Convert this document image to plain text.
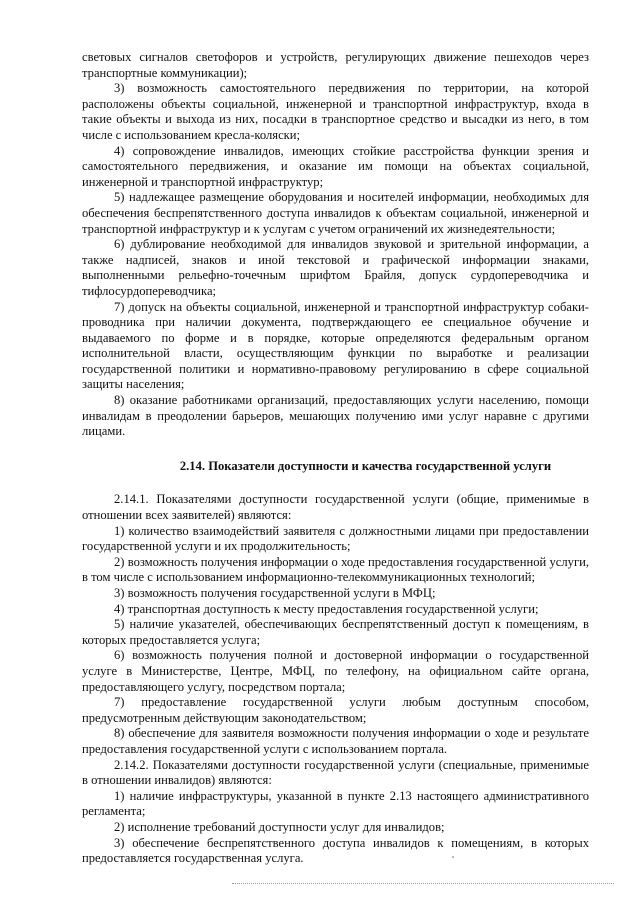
световых сигналов светофоров и устройств, регулирующих движение пешеходов через транспортные коммуникации);

3) возможность самостоятельного передвижения по территории, на которой расположены объекты социальной, инженерной и транспортной инфраструктур, входа в такие объекты и выхода из них, посадки в транспортное средство и высадки из него, в том числе с использованием кресла-коляски;

4) сопровождение инвалидов, имеющих стойкие расстройства функции зрения и самостоятельного передвижения, и оказание им помощи на объектах социальной, инженерной и транспортной инфраструктур;

5) надлежащее размещение оборудования и носителей информации, необходимых для обеспечения беспрепятственного доступа инвалидов к объектам социальной, инженерной и транспортной инфраструктур и к услугам с учетом ограничений их жизнедеятельности;

6) дублирование необходимой для инвалидов звуковой и зрительной информации, а также надписей, знаков и иной текстовой и графической информации знаками, выполненными рельефно-точечным шрифтом Брайля, допуск сурдопереводчика и тифлосурдопереводчика;

7) допуск на объекты социальной, инженерной и транспортной инфраструктур собаки-проводника при наличии документа, подтверждающего ее специальное обучение и выдаваемого по форме и в порядке, которые определяются федеральным органом исполнительной власти, осуществляющим функции по выработке и реализации государственной политики и нормативно-правовому регулированию в сфере социальной защиты населения;

8) оказание работниками организаций, предоставляющих услуги населению, помощи инвалидам в преодолении барьеров, мешающих получению ими услуг наравне с другими лицами.

2.14. Показатели доступности и качества государственной услуги

2.14.1. Показателями доступности государственной услуги (общие, применимые в отношении всех заявителей) являются:

1) количество взаимодействий заявителя с должностными лицами при предоставлении государственной услуги и их продолжительность;

2) возможность получения информации о ходе предоставления государственной услуги, в том числе с использованием информационно-телекоммуникационных технологий;

3) возможность получения государственной услуги в МФЦ;

4) транспортная доступность к месту предоставления государственной услуги;

5) наличие указателей, обеспечивающих беспрепятственный доступ к помещениям, в которых предоставляется услуга;

6) возможность получения полной и достоверной информации о государственной услуге в Министерстве, Центре, МФЦ, по телефону, на официальном сайте органа, предоставляющего услугу, посредством портала;

7) предоставление государственной услуги любым доступным способом, предусмотренным действующим законодательством;

8) обеспечение для заявителя возможности получения информации о ходе и результате предоставления государственной услуги с использованием портала.

2.14.2. Показателями доступности государственной услуги (специальные, применимые в отношении инвалидов) являются:

1) наличие инфраструктуры, указанной в пункте 2.13 настоящего административного регламента;

2) исполнение требований доступности услуг для инвалидов;

3) обеспечение беспрепятственного доступа инвалидов к помещениям, в которых предоставляется государственная услуга.
